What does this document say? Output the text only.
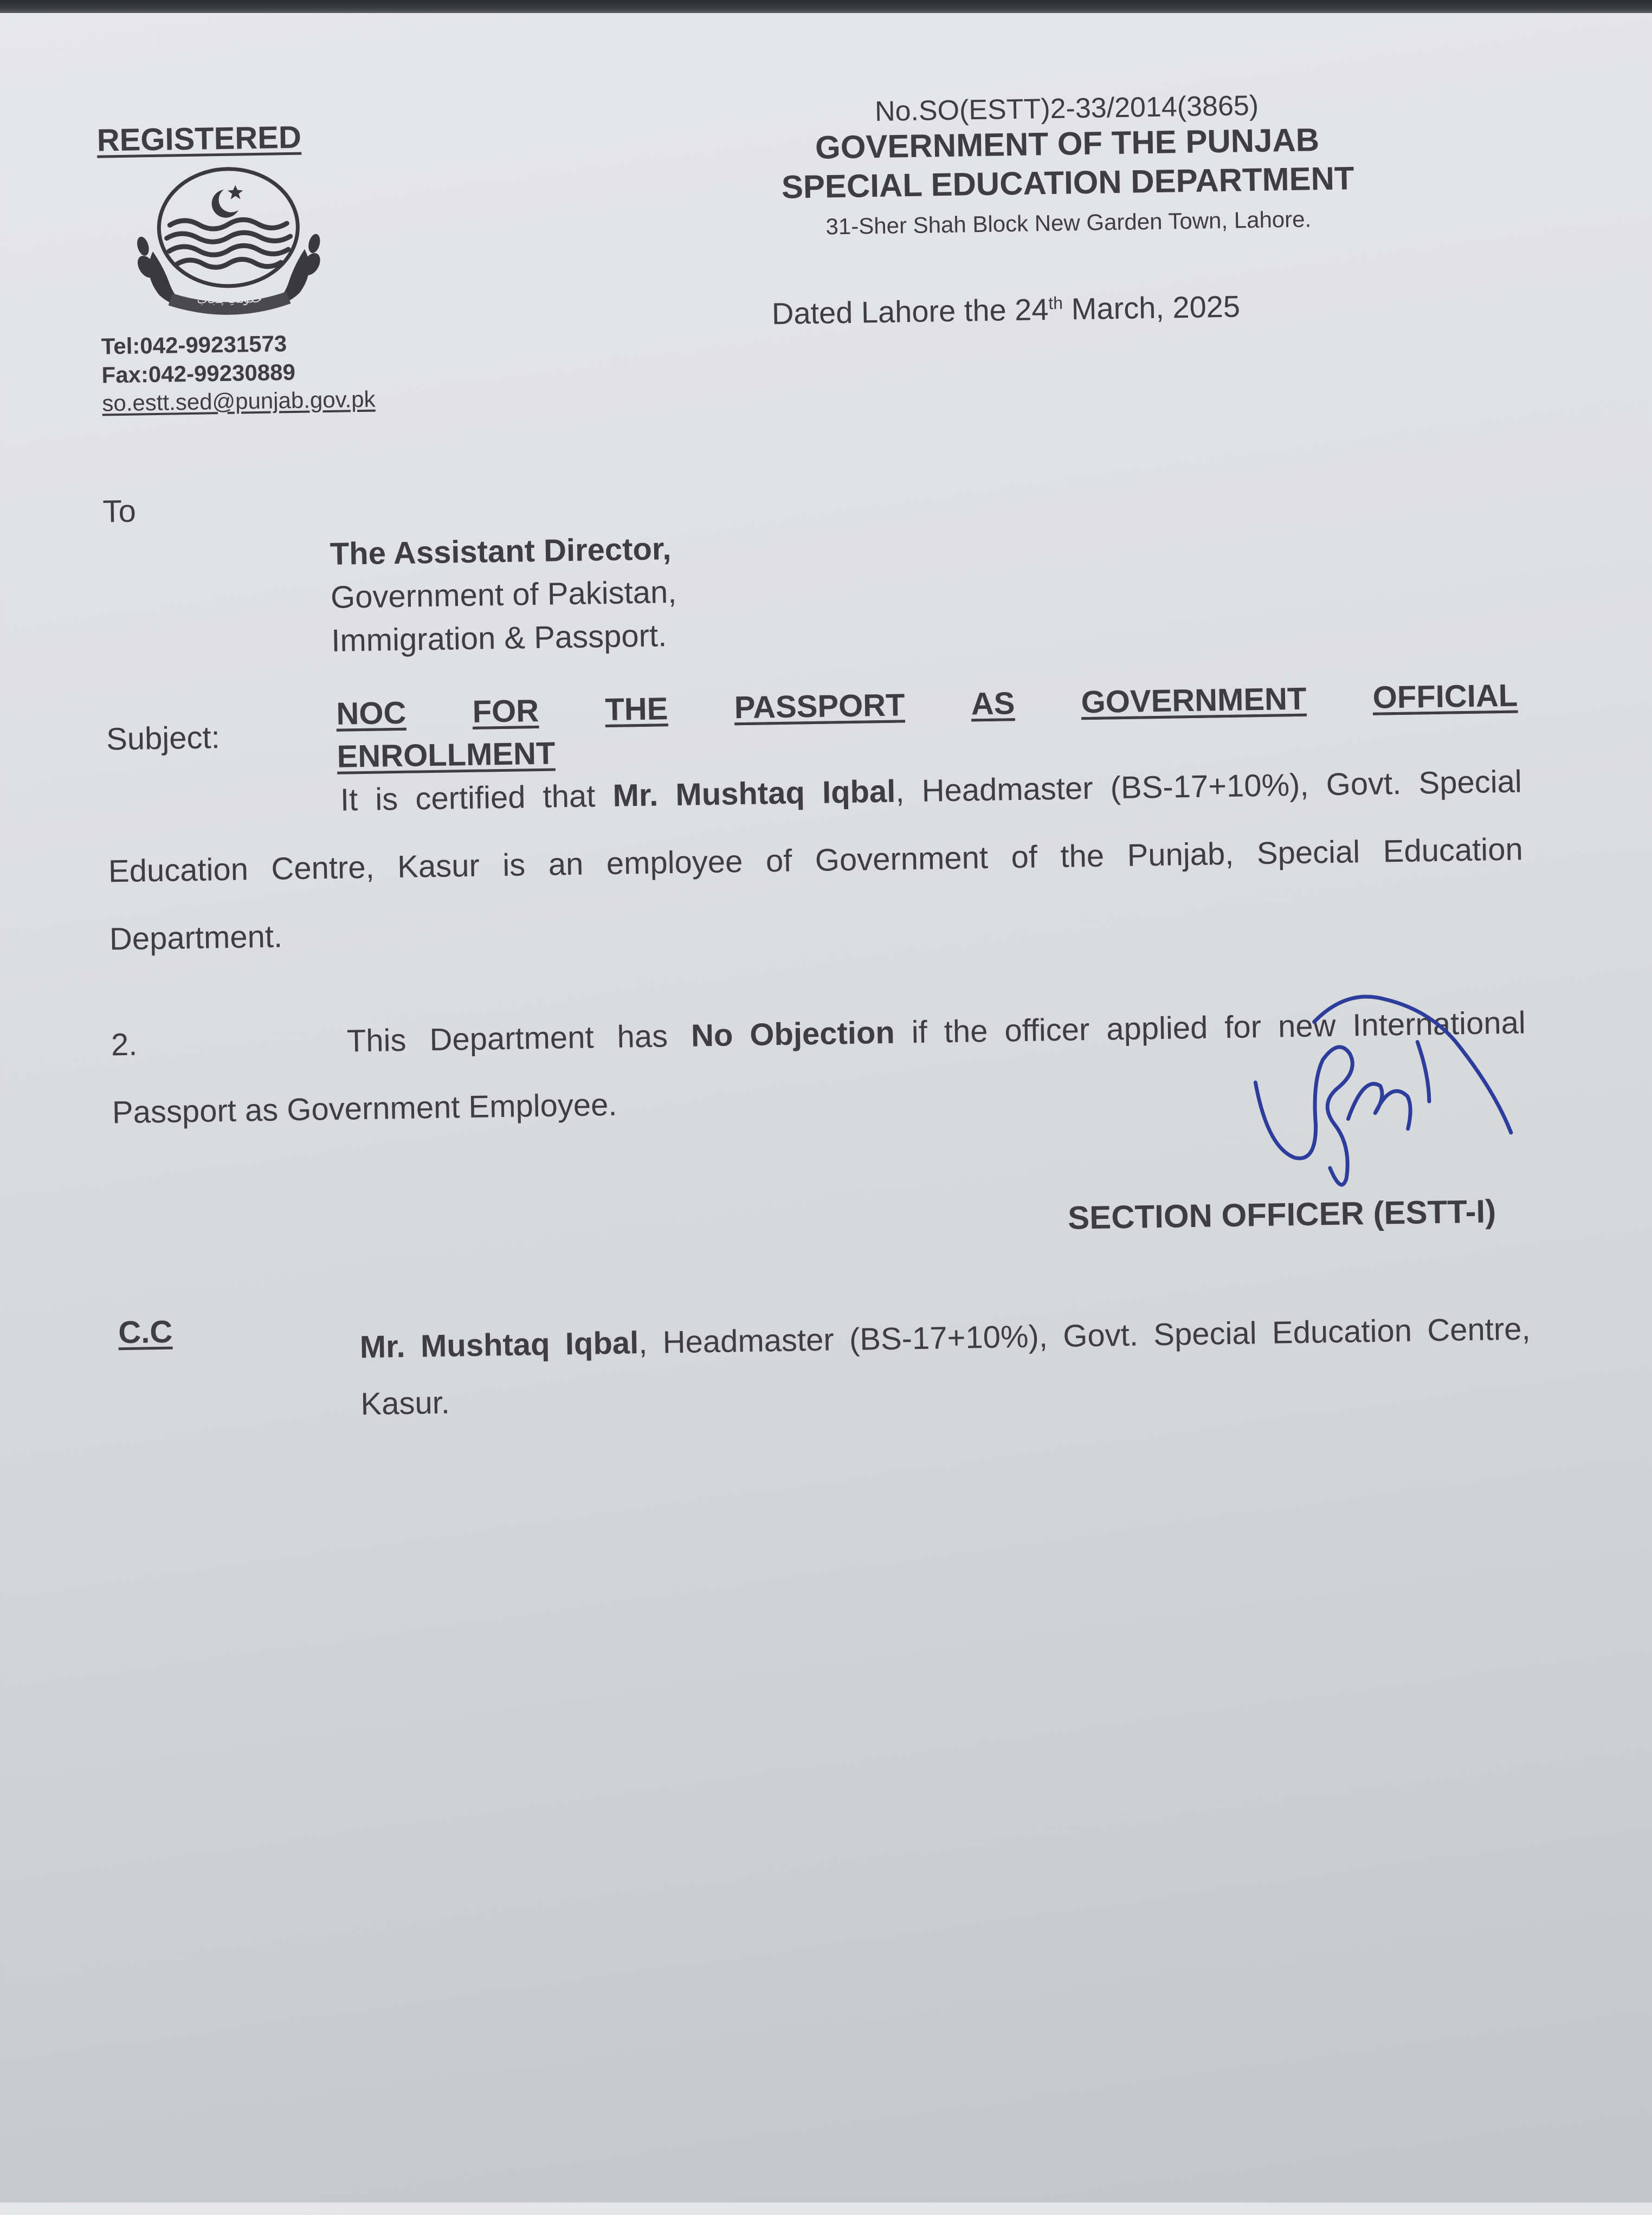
REGISTERED
حکومتِ پنجاب
Tel:042-99231573
Fax:042-99230889
so.estt.sed@punjab.gov.pk
No.SO(ESTT)2-33/2014(3865)
GOVERNMENT OF THE PUNJAB
SPECIAL EDUCATION DEPARTMENT
31-Sher Shah Block New Garden Town, Lahore.
Dated Lahore the 24th March, 2025
To
The Assistant Director,
Government of Pakistan,
Immigration & Passport.
Subject:
NOC FOR THE PASSPORT AS GOVERNMENT OFFICIAL
ENROLLMENT
It is certified that Mr. Mushtaq Iqbal, Headmaster (BS-17+10%), Govt. Special Education Centre, Kasur is an employee of Government of the Punjab, Special Education Department.
2.	This Department has No Objection if the officer applied for new International Passport as Government Employee.
SECTION OFFICER (ESTT-I)
C.C	Mr. Mushtaq Iqbal, Headmaster (BS-17+10%), Govt. Special Education Centre, Kasur.
